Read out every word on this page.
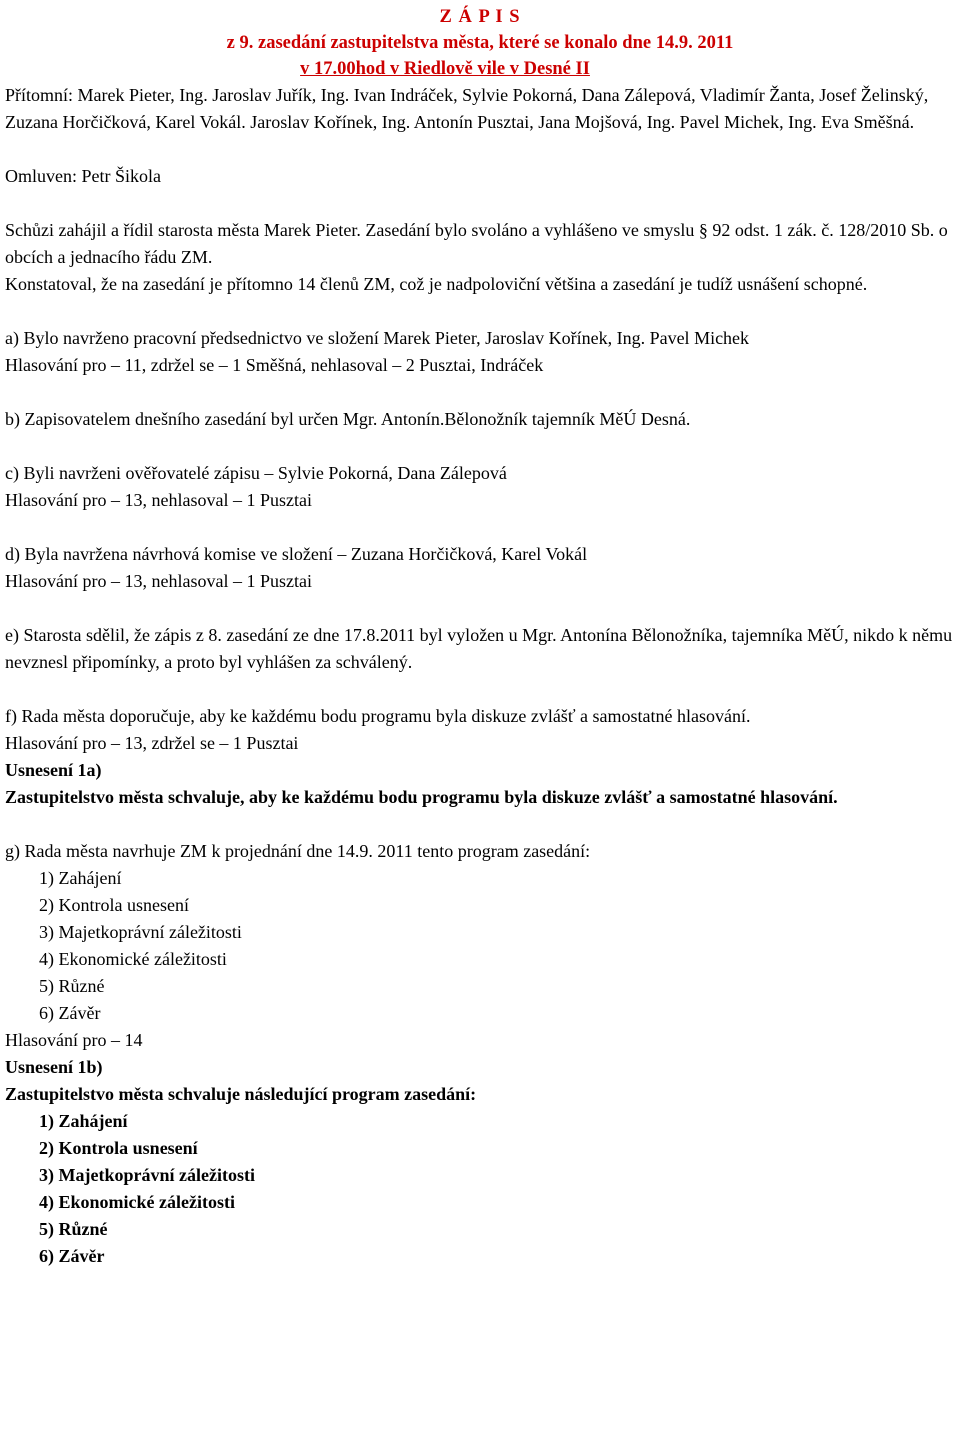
Z Á P I S
z 9. zasedání zastupitelstva města, které se konalo dne 14.9. 2011
v 17.00hod v Riedlově vile v Desné II

Přítomní: Marek Pieter, Ing. Jaroslav Juřík, Ing. Ivan Indráček, Sylvie Pokorná, Dana Zálepová, Vladimír Žanta, Josef Želinský, Zuzana Horčičková, Karel Vokál. Jaroslav Kořínek, Ing. Antonín Pusztai, Jana Mojšová, Ing. Pavel Michek, Ing. Eva Směšná.

Omluven: Petr Šikola

Schůzi zahájil a řídil starosta města Marek Pieter. Zasedání bylo svoláno a vyhlášeno ve smyslu § 92 odst. 1 zák. č. 128/2010 Sb. o obcích a jednacího řádu ZM.

Konstatoval, že na zasedání je přítomno 14 členů ZM, což je nadpoloviční většina a zasedání je tudíž usnášení schopné.

a) Bylo navrženo pracovní předsednictvo ve složení Marek Pieter, Jaroslav Kořínek, Ing. Pavel Michek

Hlasování pro – 11, zdržel se – 1 Směšná, nehlasoval – 2 Pusztai, Indráček

b) Zapisovatelem dnešního zasedání byl určen Mgr. Antonín.Bělonožník tajemník MěÚ Desná.

c) Byli navrženi ověřovatelé zápisu – Sylvie Pokorná, Dana Zálepová

Hlasování pro – 13, nehlasoval – 1 Pusztai

d) Byla navržena návrhová komise ve složení – Zuzana Horčičková, Karel Vokál

Hlasování pro – 13, nehlasoval – 1 Pusztai

e) Starosta sdělil, že zápis z 8. zasedání ze dne 17.8.2011 byl vyložen u Mgr. Antonína Bělonožníka, tajemníka MěÚ, nikdo k němu nevznesl připomínky, a proto byl vyhlášen za schválený.

f) Rada města doporučuje, aby ke každému bodu programu byla diskuze zvlášť a samostatné hlasování.

Hlasování pro – 13, zdržel se – 1 Pusztai

Usnesení 1a)

Zastupitelstvo města schvaluje, aby ke každému bodu programu byla diskuze zvlášť a samostatné hlasování.

g) Rada města navrhuje ZM k projednání dne 14.9. 2011 tento program zasedání:

1) Zahájení
2) Kontrola usnesení
3) Majetkoprávní záležitosti
4) Ekonomické záležitosti
5) Různé
6) Závěr

Hlasování pro – 14

Usnesení 1b)

Zastupitelstvo města schvaluje následující program zasedání:

1) Zahájení
2) Kontrola usnesení
3) Majetkoprávní záležitosti
4) Ekonomické záležitosti
5) Různé
6) Závěr
